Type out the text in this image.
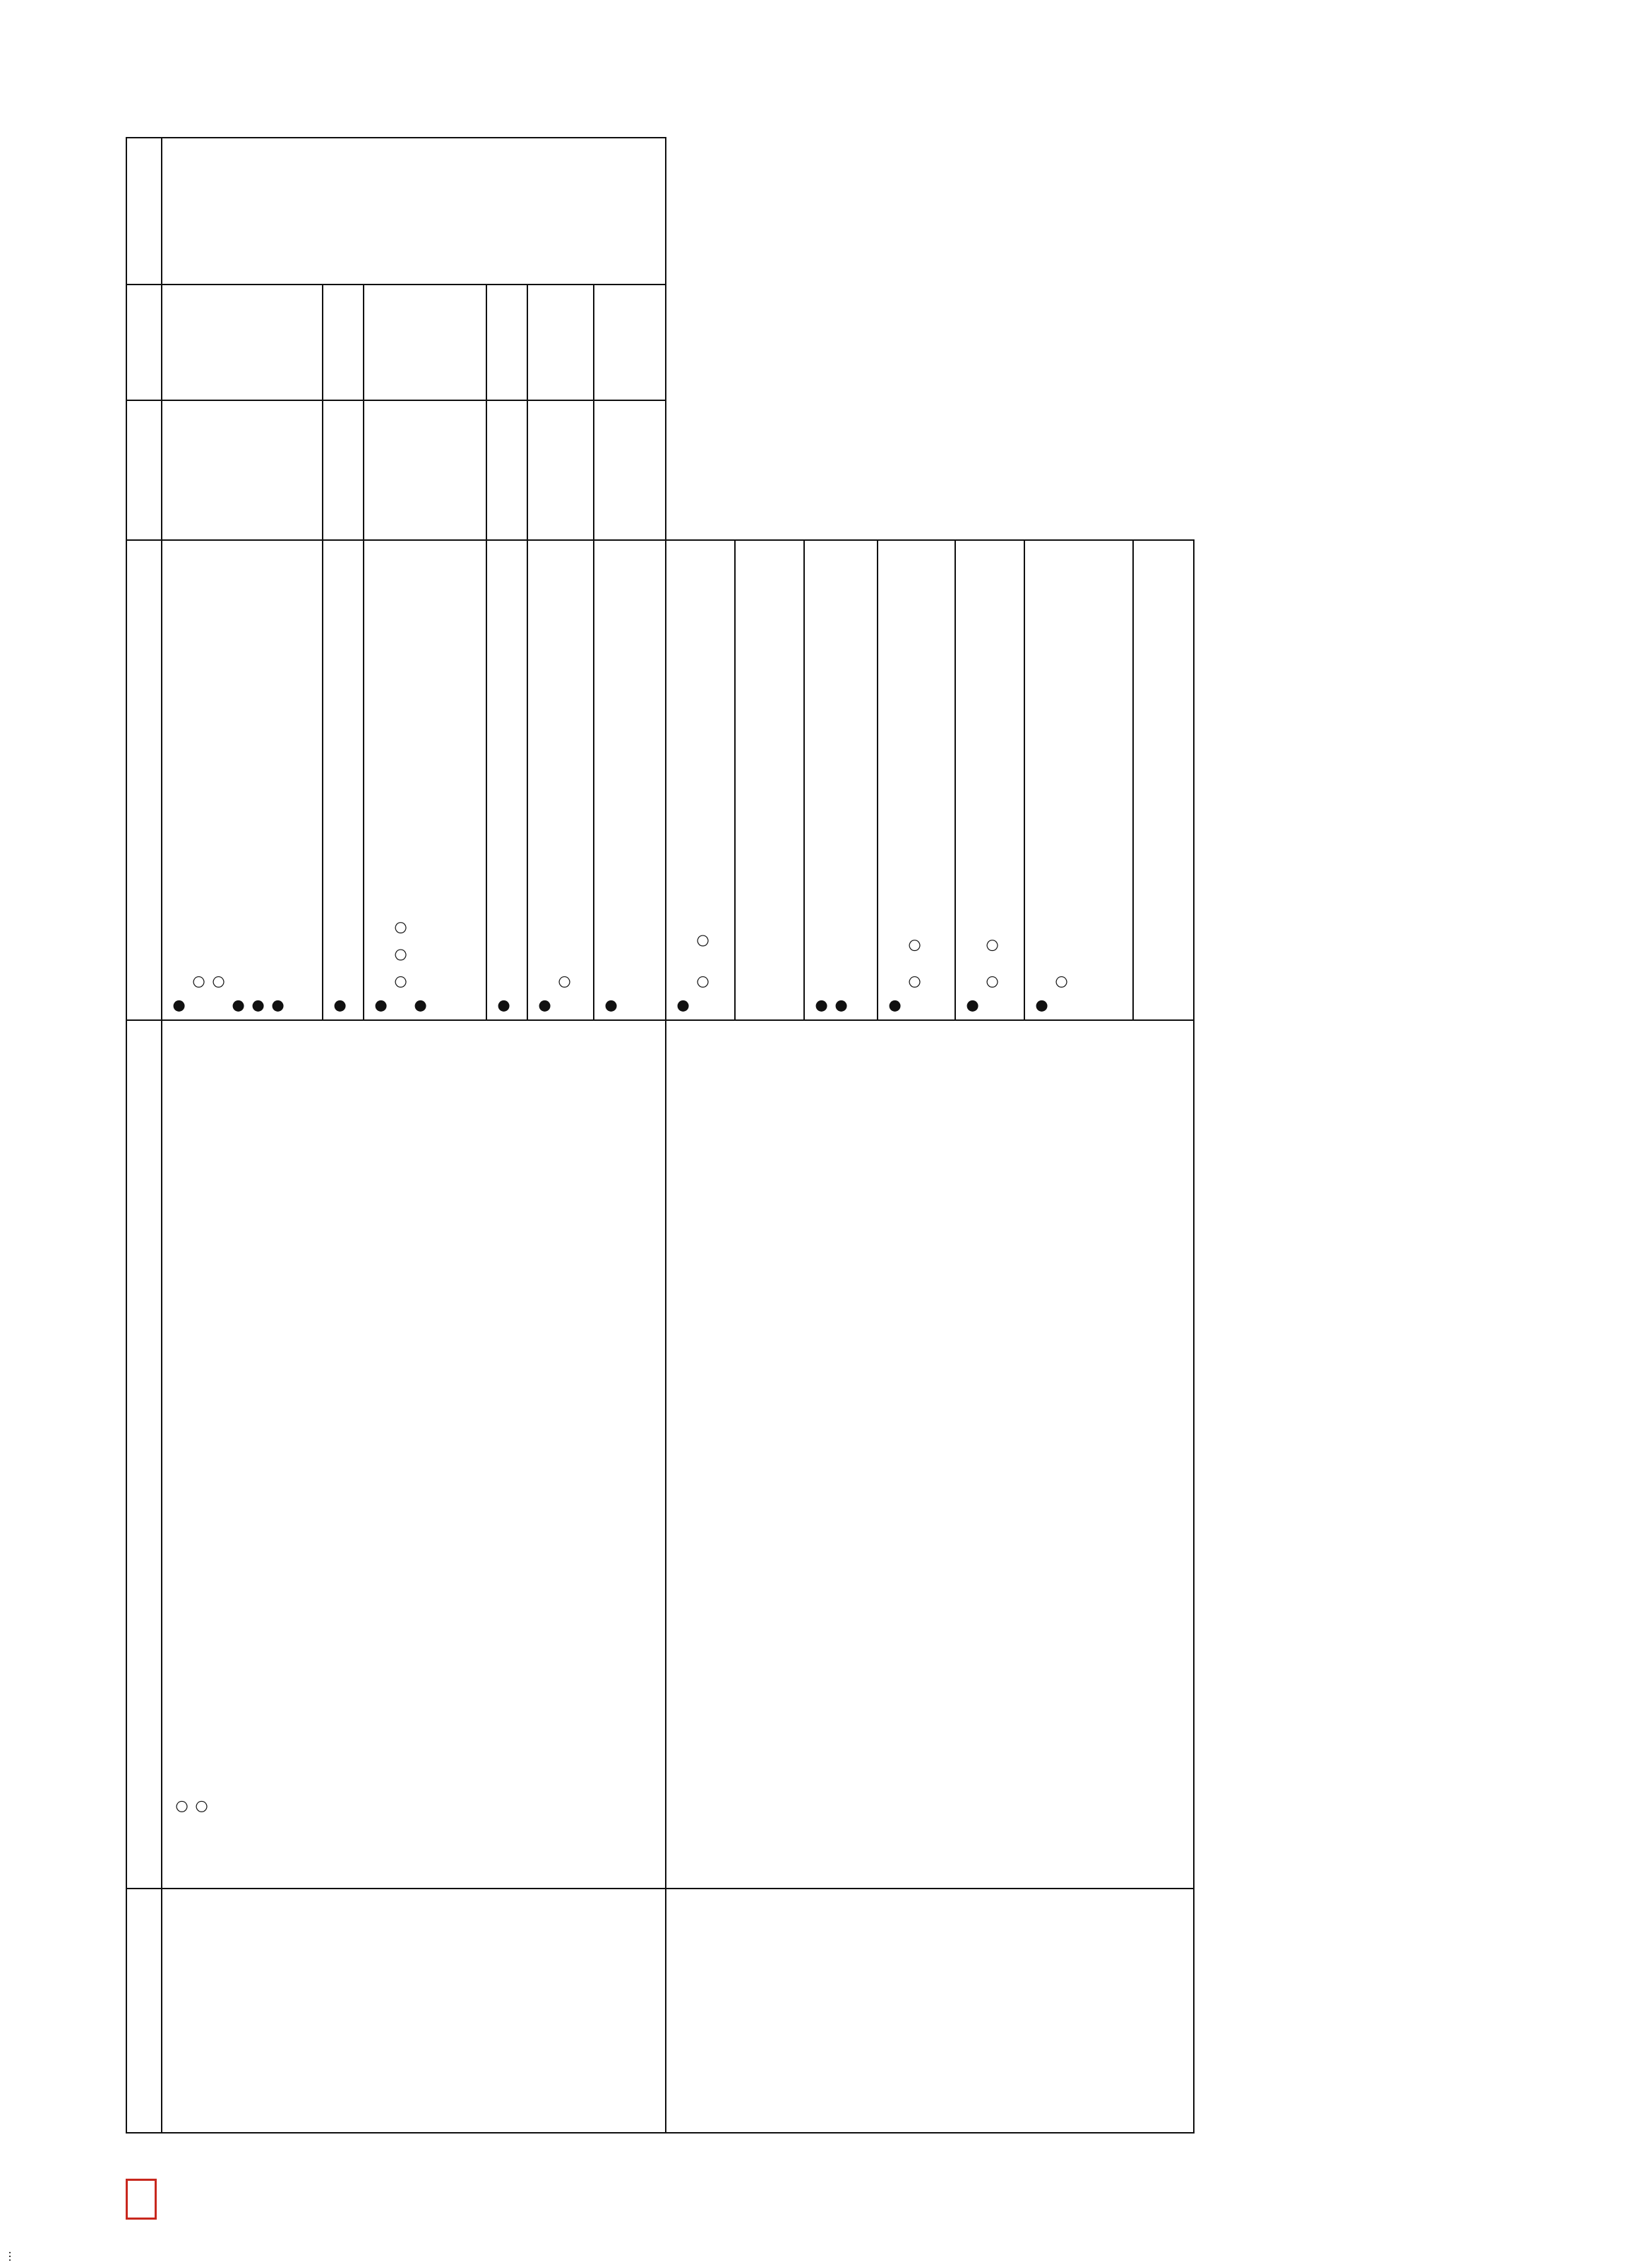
○
○
●
○
○
●
●
●
●
●
○   ○   ○
●
●
●
○
●
●
○      ○
●
●
●
○     ○
●
○     ○
●
○
…
